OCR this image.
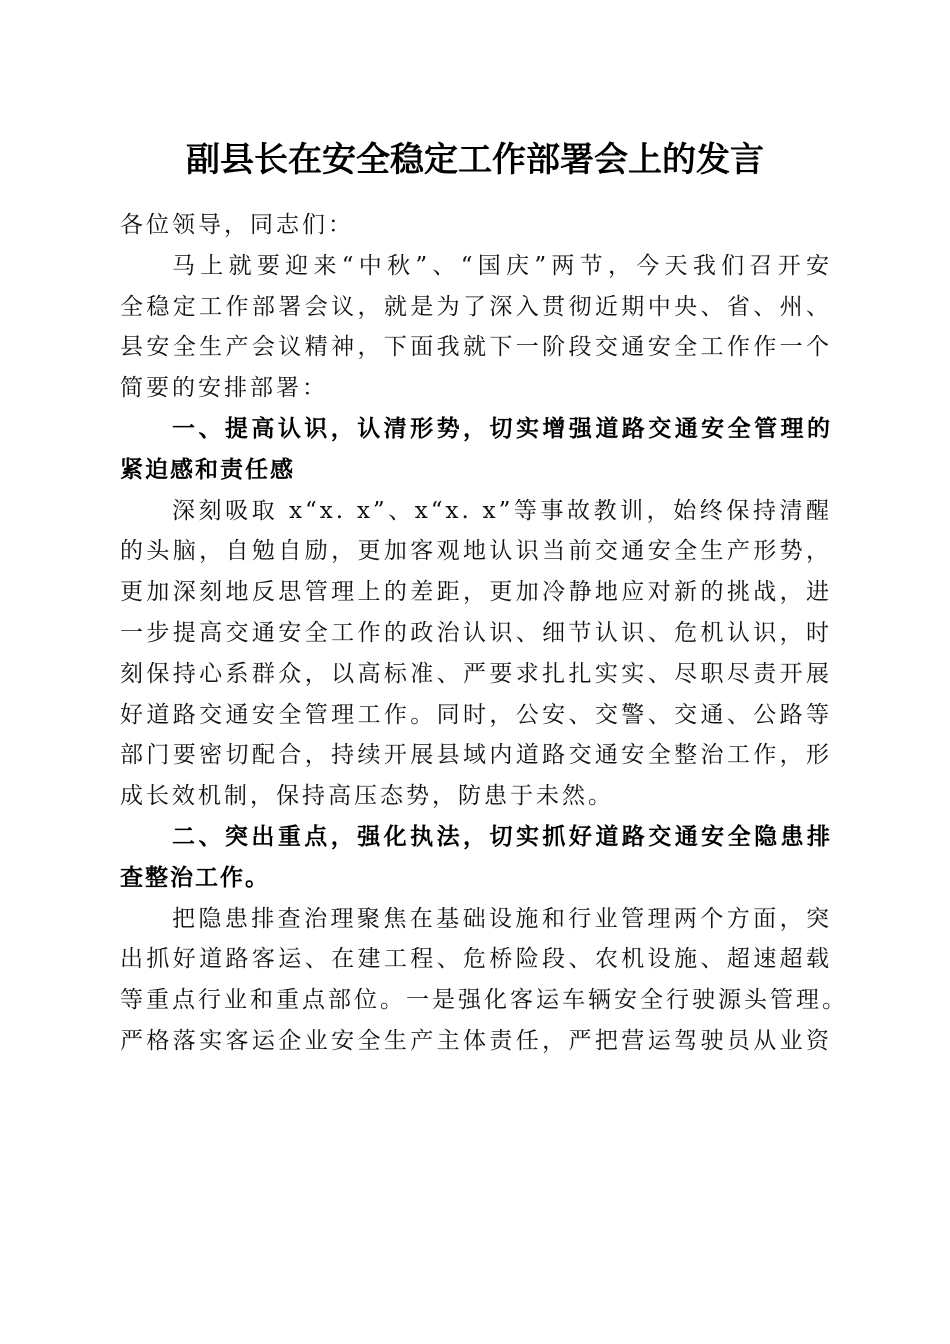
副县长在安全稳定工作部署会上的发言
各位领导，同志们：
马上就要迎来“中秋”、“国庆”两节，今天我们召开安
全稳定工作部署会议，就是为了深入贯彻近期中央、省、州、
县安全生产会议精神，下面我就下一阶段交通安全工作作一个
简要的安排部署：
一、提高认识，认清形势，切实增强道路交通安全管理的
紧迫感和责任感
深刻吸取 x“x. x”、x“x. x”等事故教训，始终保持清醒
的头脑，自勉自励，更加客观地认识当前交通安全生产形势，
更加深刻地反思管理上的差距，更加冷静地应对新的挑战，进
一步提高交通安全工作的政治认识、细节认识、危机认识，时
刻保持心系群众，以高标准、严要求扎扎实实、尽职尽责开展
好道路交通安全管理工作。同时，公安、交警、交通、公路等
部门要密切配合，持续开展县域内道路交通安全整治工作，形
成长效机制，保持高压态势，防患于未然。
二、突出重点，强化执法，切实抓好道路交通安全隐患排
查整治工作。
把隐患排查治理聚焦在基础设施和行业管理两个方面，突
出抓好道路客运、在建工程、危桥险段、农机设施、超速超载
等重点行业和重点部位。一是强化客运车辆安全行驶源头管理。
严格落实客运企业安全生产主体责任，严把营运驾驶员从业资
